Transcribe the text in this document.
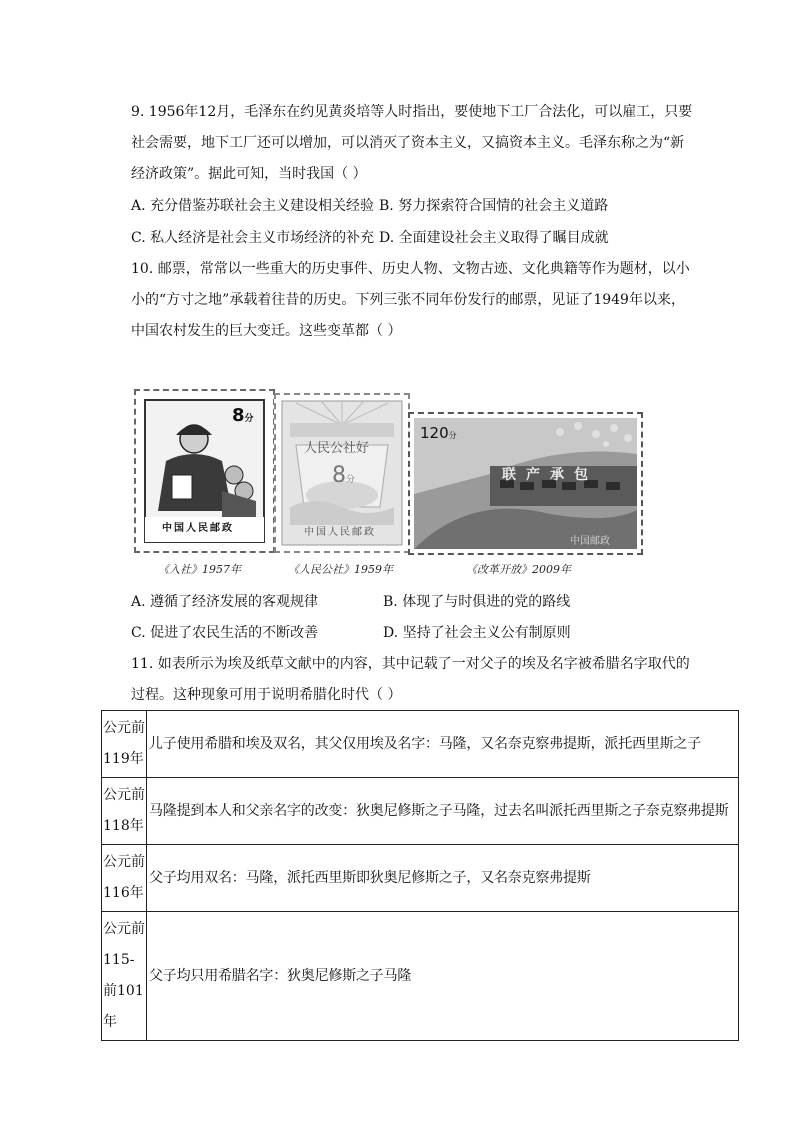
9. 1956年12月，毛泽东在约见黄炎培等人时指出，要使地下工厂合法化，可以雇工，只要
社会需要，地下工厂还可以增加，可以消灭了资本主义，又搞资本主义。毛泽东称之为“新
经济政策”。据此可知，当时我国（ ）
A. 充分借鉴苏联社会主义建设相关经验 B. 努力探索符合国情的社会主义道路
C. 私人经济是社会主义市场经济的补充 D. 全面建设社会主义取得了瞩目成就
10. 邮票，常常以一些重大的历史事件、历史人物、文物古迹、文化典籍等作为题材，以小
小的“方寸之地”承载着往昔的历史。下列三张不同年份发行的邮票，见证了1949年以来，
中国农村发生的巨大变迁。这些变革都（ ）
8分
中国人民邮政
人民公社好
8分
中国人民邮政
120分
联产承包
中国邮政
《入社》1957年	《人民公社》1959年	《改革开放》2009年
A. 遵循了经济发展的客观规律	B. 体现了与时俱进的党的路线
C. 促进了农民生活的不断改善	D. 坚持了社会主义公有制原则
11. 如表所示为埃及纸草文献中的内容，其中记载了一对父子的埃及名字被希腊名字取代的
过程。这种现象可用于说明希腊化时代（ ）
公元前119年	儿子使用希腊和埃及双名，其父仅用埃及名字：马隆，又名奈克察弗提斯，派托西里斯之子
公元前118年	马隆提到本人和父亲名字的改变：狄奥尼修斯之子马隆，过去名叫派托西里斯之子奈克察弗提斯
公元前116年	父子均用双名：马隆，派托西里斯即狄奥尼修斯之子，又名奈克察弗提斯
公元前115-前101年	父子均只用希腊名字：狄奥尼修斯之子马隆
